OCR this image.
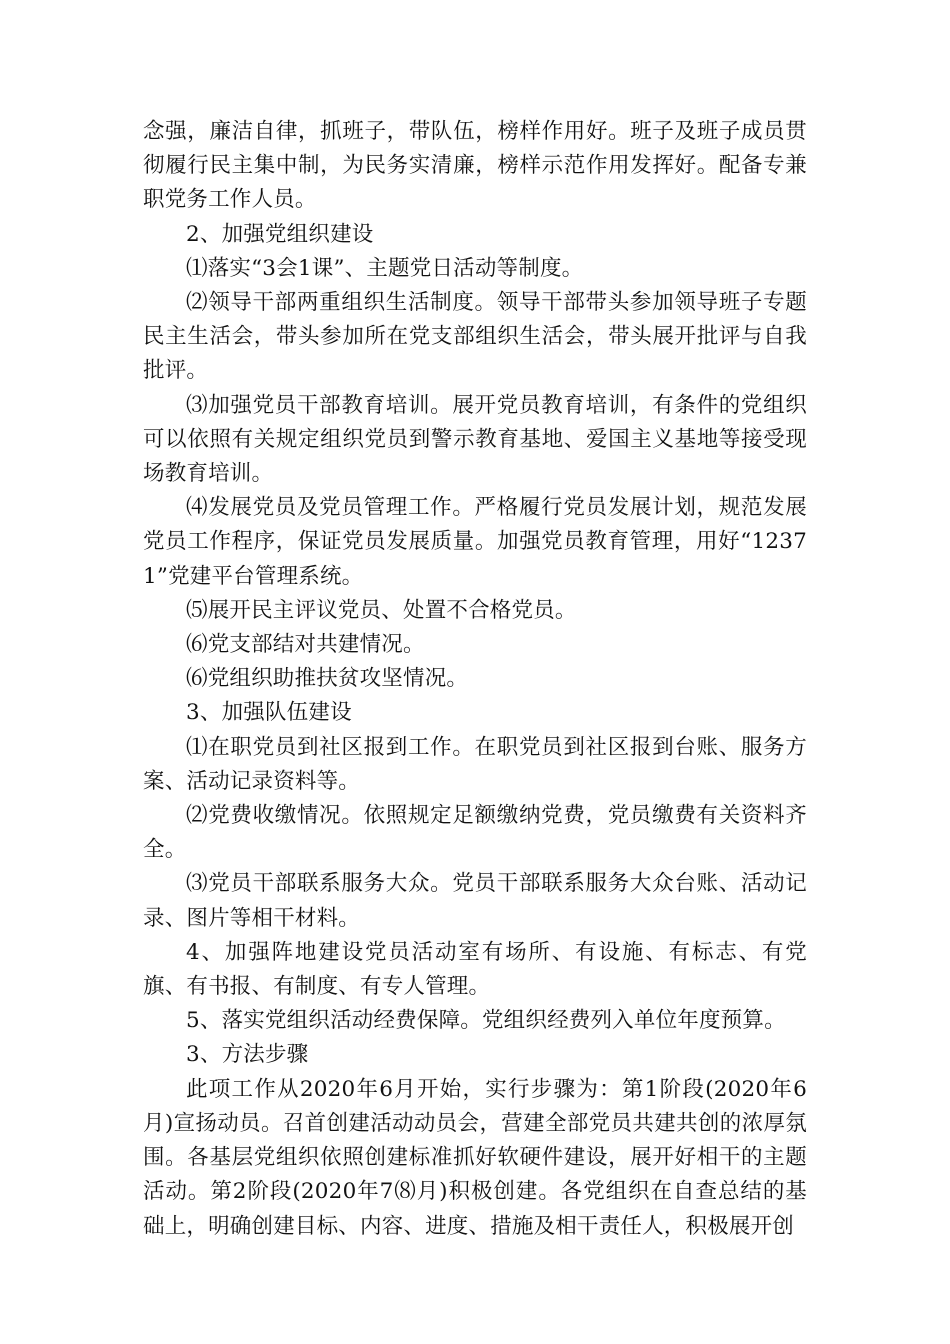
念强，廉洁自律，抓班子，带队伍，榜样作用好。班子及班子成员贯彻履行民主集中制，为民务实清廉，榜样示范作用发挥好。配备专兼职党务工作人员。

2、加强党组织建设

⑴落实“3会1课”、主题党日活动等制度。

⑵领导干部两重组织生活制度。领导干部带头参加领导班子专题民主生活会，带头参加所在党支部组织生活会，带头展开批评与自我批评。

⑶加强党员干部教育培训。展开党员教育培训，有条件的党组织可以依照有关规定组织党员到警示教育基地、爱国主义基地等接受现场教育培训。

⑷发展党员及党员管理工作。严格履行党员发展计划，规范发展党员工作程序，保证党员发展质量。加强党员教育管理，用好“12371”党建平台管理系统。

⑸展开民主评议党员、处置不合格党员。

⑹党支部结对共建情况。

⑹党组织助推扶贫攻坚情况。

3、加强队伍建设

⑴在职党员到社区报到工作。在职党员到社区报到台账、服务方案、活动记录资料等。

⑵党费收缴情况。依照规定足额缴纳党费，党员缴费有关资料齐全。

⑶党员干部联系服务大众。党员干部联系服务大众台账、活动记录、图片等相干材料。

4、加强阵地建设党员活动室有场所、有设施、有标志、有党旗、有书报、有制度、有专人管理。

5、落实党组织活动经费保障。党组织经费列入单位年度预算。

3、方法步骤

此项工作从2020年6月开始，实行步骤为：第1阶段(2020年6月)宣扬动员。召首创建活动动员会，营建全部党员共建共创的浓厚氛围。各基层党组织依照创建标准抓好软硬件建设，展开好相干的主题活动。第2阶段(2020年7⑻月)积极创建。各党组织在自查总结的基础上，明确创建目标、内容、进度、措施及相干责任人，积极展开创
